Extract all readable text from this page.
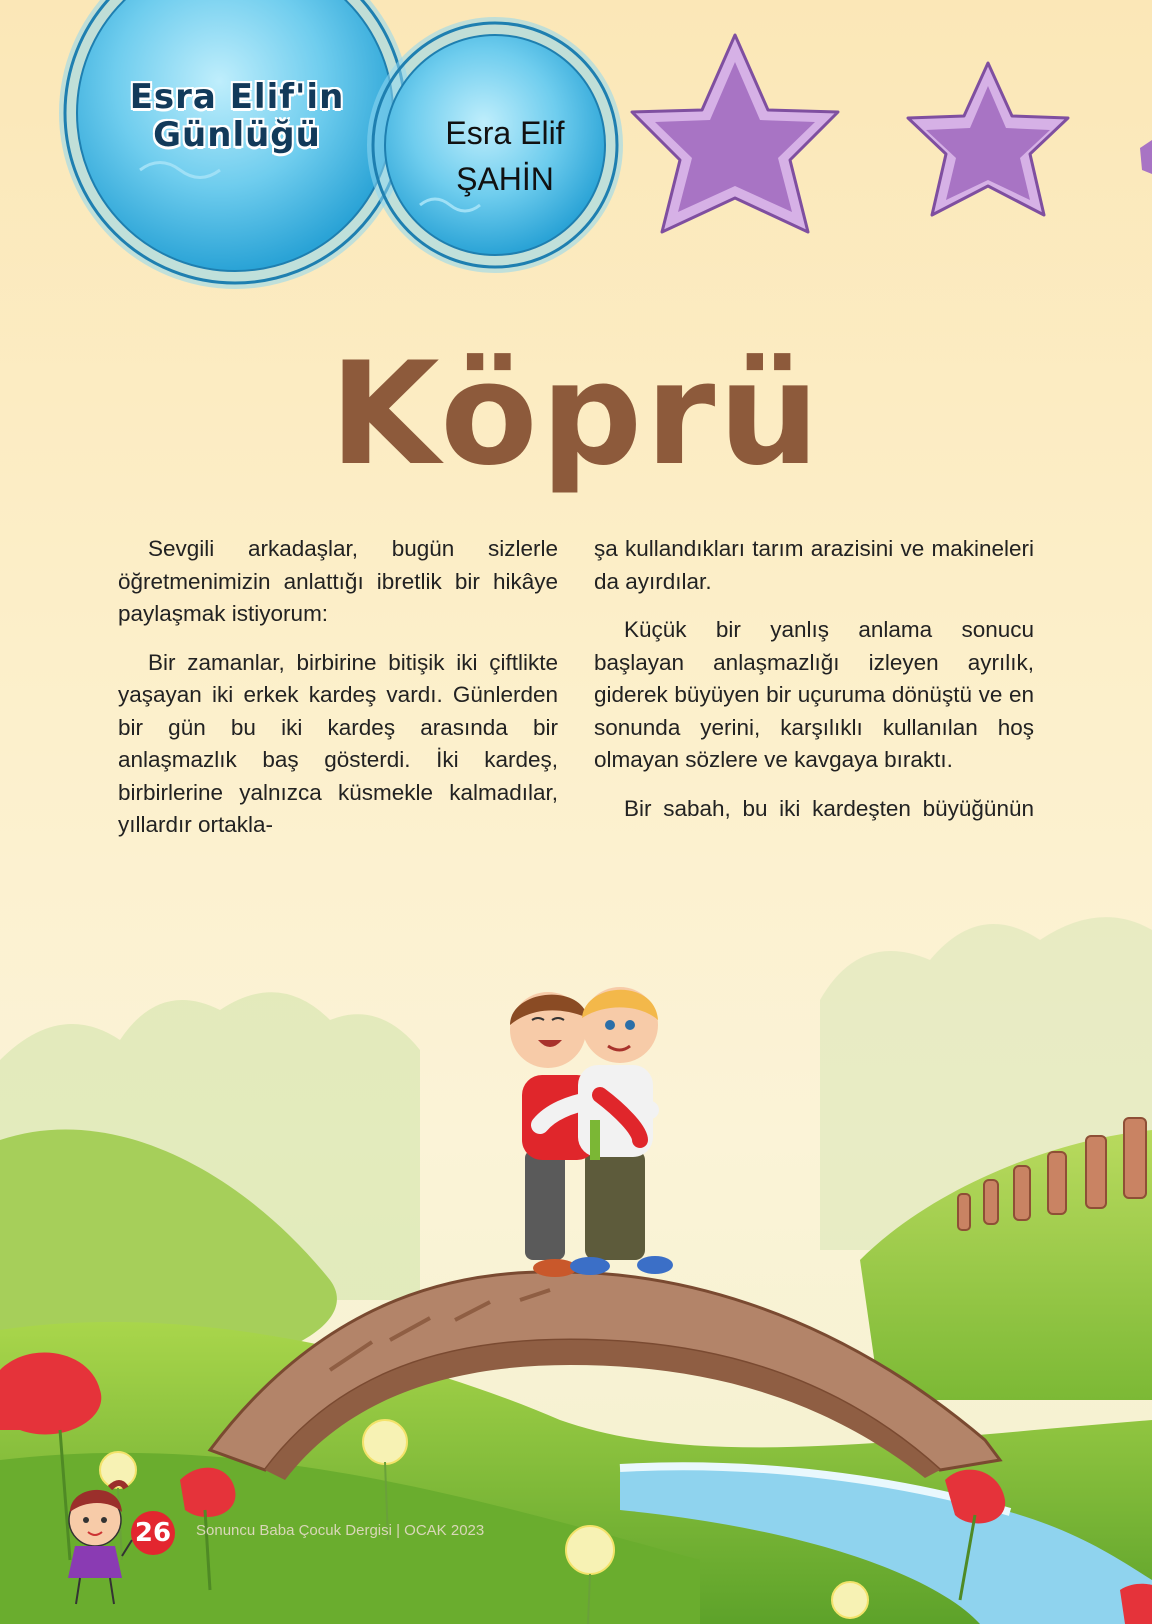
Esra Elif'in
Günlüğü	Esra Elif
ŞAHİN
Köprü

Sevgili arkadaşlar, bugün sizlerle öğretmenimizin anlattığı ibretlik bir hikâye paylaşmak istiyorum:

Bir zamanlar, birbirine bitişik iki çiftlikte yaşayan iki erkek kardeş vardı. Günlerden bir gün bu iki kardeş arasında bir anlaşmazlık baş gösterdi. İki kardeş, birbirlerine yalnızca küsmekle kalmadılar, yıllardır ortakla-

şa kullandıkları tarım arazisini ve makineleri da ayırdılar.

Küçük bir yanlış anlama sonucu başlayan anlaşmazlığı izleyen ayrılık, giderek büyüyen bir uçuruma dönüştü ve en sonunda yerini, karşılıklı kullanılan hoş olmayan sözlere ve kavgaya bıraktı.

Bir sabah, bu iki kardeşten büyüğünün

26 Sonuncu Baba Çocuk Dergisi | OCAK 2023
